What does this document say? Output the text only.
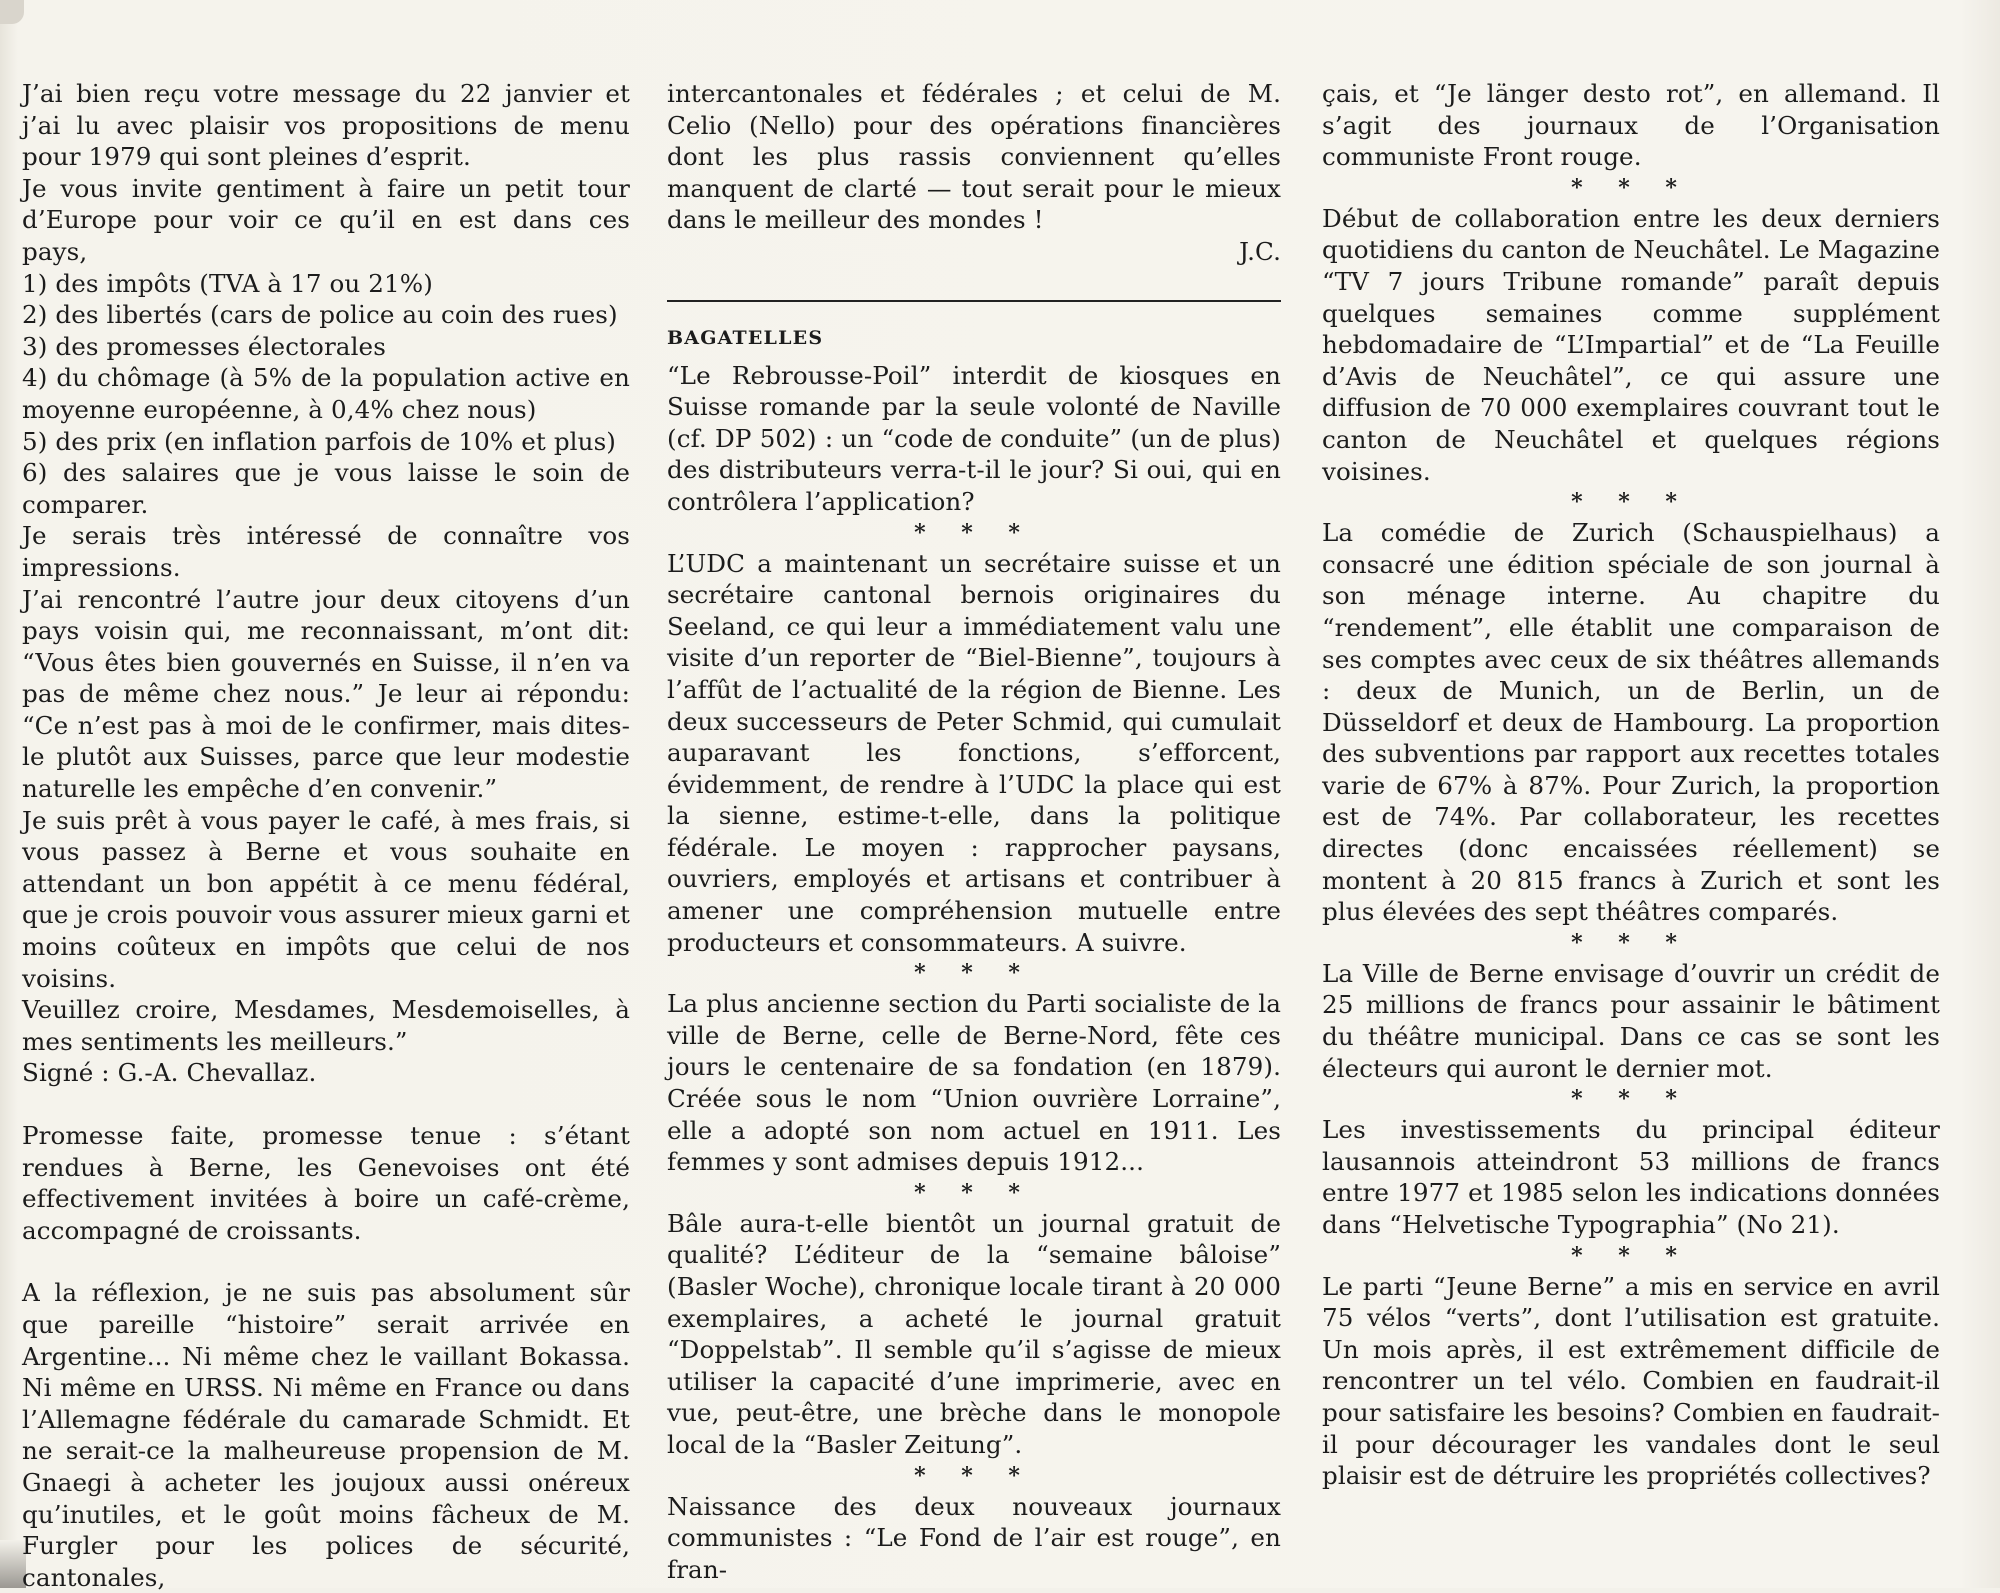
J’ai bien reçu votre message du 22 janvier et j’ai lu avec plaisir vos propositions de menu pour 1979 qui sont pleines d’esprit.

Je vous invite gentiment à faire un petit tour d’Europe pour voir ce qu’il en est dans ces pays,

1) des impôts (TVA à 17 ou 21%)

2) des libertés (cars de police au coin des rues)

3) des promesses électorales

4) du chômage (à 5% de la population active en moyenne européenne, à 0,4% chez nous)

5) des prix (en inflation parfois de 10% et plus)

6) des salaires que je vous laisse le soin de comparer.

Je serais très intéressé de connaître vos impressions.

J’ai rencontré l’autre jour deux citoyens d’un pays voisin qui, me reconnaissant, m’ont dit: “Vous êtes bien gouvernés en Suisse, il n’en va pas de même chez nous.” Je leur ai répondu: “Ce n’est pas à moi de le confirmer, mais dites-le plutôt aux Suisses, parce que leur modestie naturelle les empêche d’en convenir.”

Je suis prêt à vous payer le café, à mes frais, si vous passez à Berne et vous souhaite en attendant un bon appétit à ce menu fédéral, que je crois pouvoir vous assurer mieux garni et moins coûteux en impôts que celui de nos voisins.

Veuillez croire, Mesdames, Mesdemoiselles, à mes sentiments les meilleurs.”

Signé : G.-A. Chevallaz.

Promesse faite, promesse tenue : s’étant rendues à Berne, les Genevoises ont été effectivement invitées à boire un café-crème, accompagné de croissants.

A la réflexion, je ne suis pas absolument sûr que pareille “histoire” serait arrivée en Argentine... Ni même chez le vaillant Bokassa. Ni même en URSS. Ni même en France ou dans l’Allemagne fédérale du camarade Schmidt. Et ne serait-ce la malheureuse propension de M. Gnaegi à acheter les joujoux aussi onéreux qu’inutiles, et le goût moins fâcheux de M. Furgler pour les polices de sécurité, cantonales,

intercantonales et fédérales ; et celui de M. Celio (Nello) pour des opérations financières dont les plus rassis conviennent qu’elles manquent de clarté — tout serait pour le mieux dans le meilleur des mondes !

J.C.

BAGATELLES

“Le Rebrousse-Poil” interdit de kiosques en Suisse romande par la seule volonté de Naville (cf. DP 502) : un “code de conduite” (un de plus) des distributeurs verra-t-il le jour? Si oui, qui en contrôlera l’application?

* * *

L’UDC a maintenant un secrétaire suisse et un secrétaire cantonal bernois originaires du Seeland, ce qui leur a immédiatement valu une visite d’un reporter de “Biel-Bienne”, toujours à l’affût de l’actualité de la région de Bienne. Les deux successeurs de Peter Schmid, qui cumulait auparavant les fonctions, s’efforcent, évidemment, de rendre à l’UDC la place qui est la sienne, estime-t-elle, dans la politique fédérale. Le moyen : rapprocher paysans, ouvriers, employés et artisans et contribuer à amener une compréhension mutuelle entre producteurs et consommateurs. A suivre.

* * *

La plus ancienne section du Parti socialiste de la ville de Berne, celle de Berne-Nord, fête ces jours le centenaire de sa fondation (en 1879). Créée sous le nom “Union ouvrière Lorraine”, elle a adopté son nom actuel en 1911. Les femmes y sont admises depuis 1912...

* * *

Bâle aura-t-elle bientôt un journal gratuit de qualité? L’éditeur de la “semaine bâloise” (Basler Woche), chronique locale tirant à 20 000 exemplaires, a acheté le journal gratuit “Doppelstab”. Il semble qu’il s’agisse de mieux utiliser la capacité d’une imprimerie, avec en vue, peut-être, une brèche dans le monopole local de la “Basler Zeitung”.

* * *

Naissance des deux nouveaux journaux communistes : “Le Fond de l’air est rouge”, en fran-

çais, et “Je länger desto rot”, en allemand. Il s’agit des journaux de l’Organisation communiste Front rouge.

* * *

Début de collaboration entre les deux derniers quotidiens du canton de Neuchâtel. Le Magazine “TV 7 jours Tribune romande” paraît depuis quelques semaines comme supplément hebdomadaire de “L’Impartial” et de “La Feuille d’Avis de Neuchâtel”, ce qui assure une diffusion de 70 000 exemplaires couvrant tout le canton de Neuchâtel et quelques régions voisines.

* * *

La comédie de Zurich (Schauspielhaus) a consacré une édition spéciale de son journal à son ménage interne. Au chapitre du “rendement”, elle établit une comparaison de ses comptes avec ceux de six théâtres allemands : deux de Munich, un de Berlin, un de Düsseldorf et deux de Hambourg. La proportion des subventions par rapport aux recettes totales varie de 67% à 87%. Pour Zurich, la proportion est de 74%. Par collaborateur, les recettes directes (donc encaissées réellement) se montent à 20 815 francs à Zurich et sont les plus élevées des sept théâtres comparés.

* * *

La Ville de Berne envisage d’ouvrir un crédit de 25 millions de francs pour assainir le bâtiment du théâtre municipal. Dans ce cas se sont les électeurs qui auront le dernier mot.

* * *

Les investissements du principal éditeur lausannois atteindront 53 millions de francs entre 1977 et 1985 selon les indications données dans “Helvetische Typographia” (No 21).

* * *

Le parti “Jeune Berne” a mis en service en avril 75 vélos “verts”, dont l’utilisation est gratuite. Un mois après, il est extrêmement difficile de rencontrer un tel vélo. Combien en faudrait-il pour satisfaire les besoins? Combien en faudrait-il pour décourager les vandales dont le seul plaisir est de détruire les propriétés collectives?
